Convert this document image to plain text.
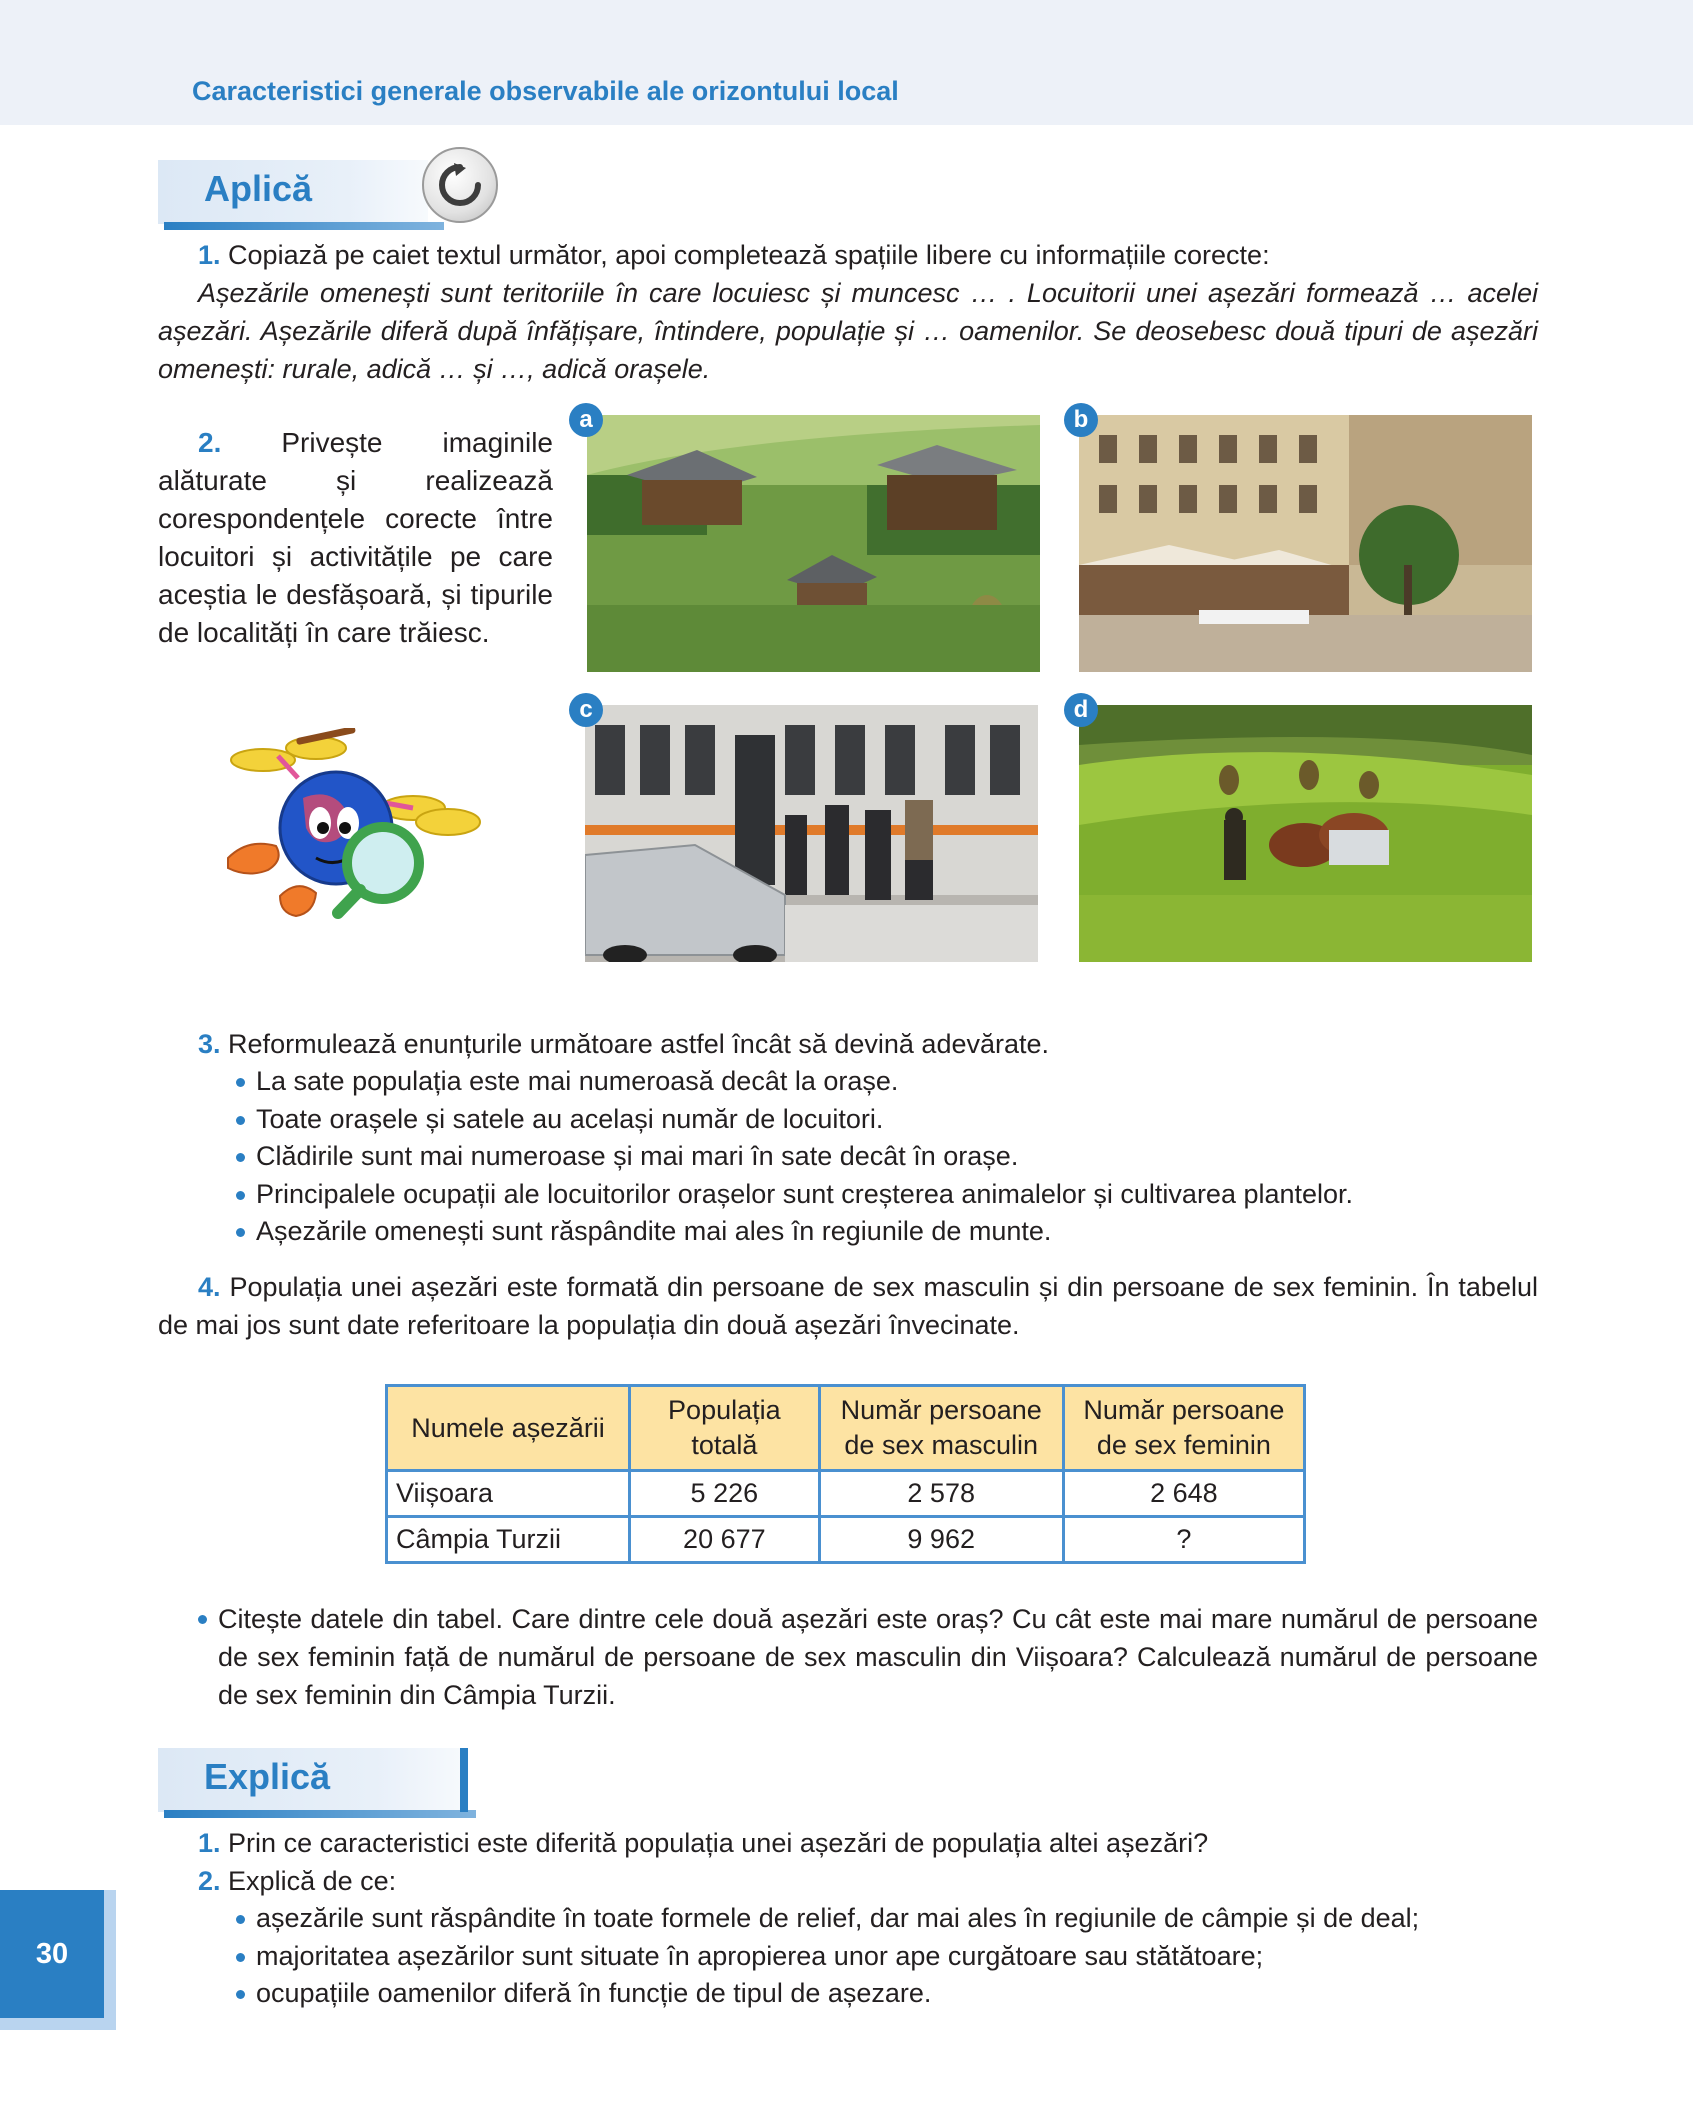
Caracteristici generale observabile ale orizontului local
Aplică
1. Copiază pe caiet textul următor, apoi completează spațiile libere cu informațiile corecte:
Așezările omenești sunt teritoriile în care locuiesc și muncesc … . Locuitorii unei așezări formează … acelei așezări. Așezările diferă după înfățișare, întindere, populație și … oamenilor. Se deosebesc două tipuri de așezări omenești: rurale, adică … și …, adică orașele.
2. Privește imaginile alăturate și realizează corespondențele corecte între locuitori și activitățile pe care aceștia le desfășoară, și tipurile de localități în care trăiesc.
a	b
c	d
3. Reformulează enunțurile următoare astfel încât să devină adevărate.
La sate populația este mai numeroasă decât la orașe.
Toate orașele și satele au același număr de locuitori.
Clădirile sunt mai numeroase și mai mari în sate decât în orașe.
Principalele ocupații ale locuitorilor orașelor sunt creșterea animalelor și cultivarea plantelor.
Așezările omenești sunt răspândite mai ales în regiunile de munte.
4. Populația unei așezări este formată din persoane de sex masculin și din persoane de sex feminin. În tabelul de mai jos sunt date referitoare la populația din două așezări învecinate.
Numele așezării	Populația totală	Număr persoane de sex masculin	Număr persoane de sex feminin
Viișoara	5 226	2 578	2 648
Câmpia Turzii	20 677	9 962	?
Citește datele din tabel. Care dintre cele două așezări este oraș? Cu cât este mai mare numărul de persoane de sex feminin față de numărul de persoane de sex masculin din Viișoara? Calculează numărul de persoane de sex feminin din Câmpia Turzii.
Explică
1. Prin ce caracteristici este diferită populația unei așezări de populația altei așezări?
2. Explică de ce:
așezările sunt răspândite în toate formele de relief, dar mai ales în regiunile de câmpie și de deal;
majoritatea așezărilor sunt situate în apropierea unor ape curgătoare sau stătătoare;
ocupațiile oamenilor diferă în funcție de tipul de așezare.
30
